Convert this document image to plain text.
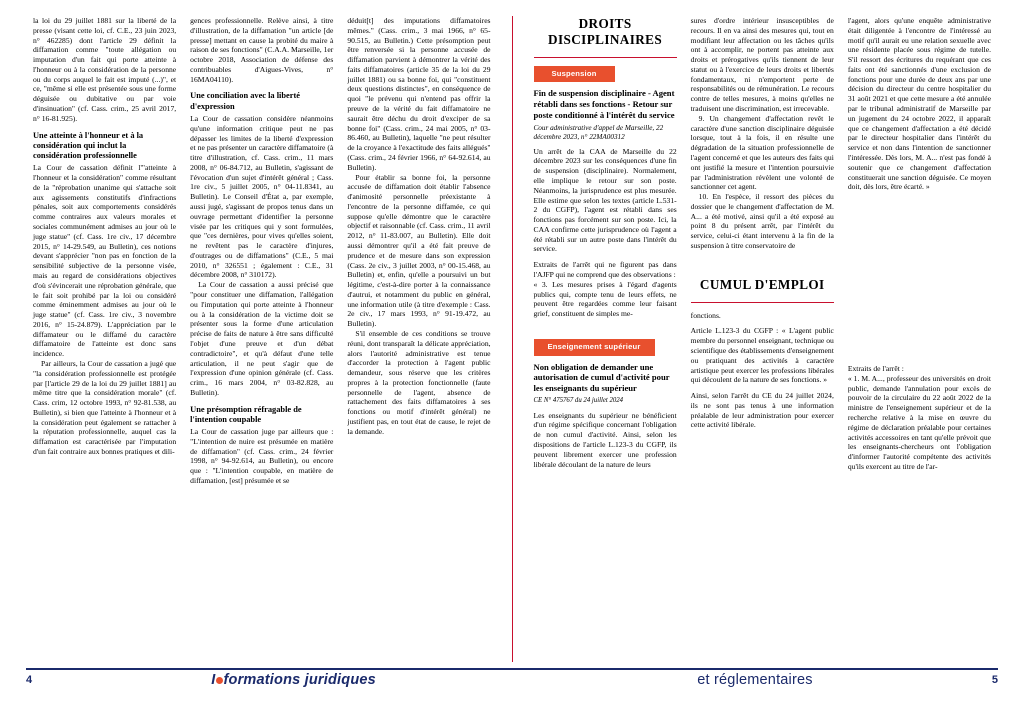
la loi du 29 juillet 1881 sur la liberté de la presse (visant cette loi, cf. C.E., 23 juin 2023, n° 462285) dont l'article 29 définit la diffamation comme "toute allégation ou imputation d'un fait qui porte atteinte à l'honneur ou à la considération de la personne ou du corps auquel le fait est imputé (...)", et ce, "même si elle est présentée sous une forme déguisée ou dubitative ou par voie d'insinuation" (cf. Cass. crim., 25 avril 2017, n° 16-81.925).

Une atteinte à l'honneur et à la considération qui inclut la considération professionnelle

La Cour de cassation définit l'"atteinte à l'honneur et la considération" comme résultant de la "réprobation unanime qui s'attache soit aux agissements constitutifs d'infractions pénales, soit aux comportements considérés comme contraires aux valeurs morales et sociales communément admises au jour où le juge statue" (cf. Cass. 1re civ., 17 décembre 2015, n° 14-29.549, au Bulletin), ces notions devant s'apprécier "non pas en fonction de la sensibilité subjective de la personne visée, mais au regard de considérations objectives d'où s'évincerait une réprobation générale, que le fait soit prohibé par la loi ou considéré comme éminemment admises au jour où le juge statue" (cf. Cass. 1re civ., 3 novembre 2016, n° 15-24.879). L'appréciation par le diffamateur ou le diffamé du caractère diffamatoire de l'atteinte est donc sans incidence.

Par ailleurs, la Cour de cassation a jugé que "la considération professionnelle est protégée par [l'article 29 de la loi du 29 juillet 1881] au même titre que la considération morale" (cf. Cass. crim, 12 octobre 1993, n° 92-81.538, au Bulletin), si bien que l'atteinte à l'honneur et à la considération peut également se rattacher à la réputation professionnelle, auquel cas la diffamation est caractérisée par l'imputation d'un fait contraire aux bonnes pratiques et dili-

gences professionnelle. Relève ainsi, à titre d'illustration, de la diffamation "un article [de presse] mettant en cause la probité du maire à raison de ses fonctions" (C.A.A. Marseille, 1er octobre 2018, Association de défense des contribuables d'Aigues-Vives, n° 16MA04110).

Une conciliation avec la liberté d'expression

La Cour de cassation considère néanmoins qu'une information critique peut ne pas dépasser les limites de la liberté d'expression et ne pas présenter un caractère diffamatoire (à titre d'illustration, cf. Cass. crim., 11 mars 2008, n° 06-84.712, au Bulletin, s'agissant de l'évocation d'un sujet d'intérêt général ; Cass. 1re civ., 5 juillet 2005, n° 04-11.8341, au Bulletin). Le Conseil d'État a, par exemple, aussi jugé, s'agissant de propos tenus dans un ouvrage permettant d'identifier la personne visée par les critiques qui y sont formulées, que "ces dernières, pour vives qu'elles soient, ne revêtent pas le caractère d'injures, d'outrages ou de diffamations" (C.E., 5 mai 2010, n° 326551 ; également : C.E., 31 décembre 2008, n° 310172).

La Cour de cassation a aussi précisé que "pour constituer une diffamation, l'allégation ou l'imputation qui porte atteinte à l'honneur ou à la considération de la victime doit se présenter sous la forme d'une articulation précise de faits de nature à être sans difficulté l'objet d'une preuve et d'un débat contradictoire", et qu'à défaut d'une telle articulation, il ne peut s'agir que de l'expression d'une opinion générale (cf. Cass. crim., 16 mars 2004, n° 03-82.828, au Bulletin).

Une présomption réfragable de l'intention coupable

La Cour de cassation juge par ailleurs que : "L'intention de nuire est présumée en matière de diffamation" (cf. Cass. crim., 24 février 1998, n° 94-92.614, au Bulletin), ou encore que : "L'intention coupable, en matière de diffamation, [est] présumée et se

déduit[t] des imputations diffamatoires mêmes." (Cass. crim., 3 mai 1966, n° 65-90.515, au Bulletin.) Cette présomption peut être renversée si la personne accusée de diffamation parvient à démontrer la vérité des faits diffamatoires (article 35 de la loi du 29 juillet 1881) ou sa bonne foi, qui "constituent deux questions distinctes", en conséquence de quoi "le prévenu qui n'entend pas offrir la preuve de la vérité du fait diffamatoire ne saurait être déchu du droit d'exciper de sa bonne foi" (Cass. crim., 24 mai 2005, n° 03-86.460, au Bulletin), laquelle "ne peut résulter de la croyance à l'exactitude des faits allégués" (Cass. crim., 24 février 1966, n° 64-92.614, au Bulletin).

Pour établir sa bonne foi, la personne accusée de diffamation doit établir l'absence d'animosité personnelle préexistante à l'encontre de la personne diffamée, ce qui suppose qu'elle démontre que le caractère objectif et raisonnable (cf. Cass. crim., 11 avril 2012, n° 11-83.007, au Bulletin). Elle doit aussi démontrer qu'il a été fait preuve de prudence et de mesure dans son expression (Cass. 2e civ., 3 juillet 2003, n° 00-15.468, au Bulletin) et, enfin, qu'elle a poursuivi un but légitime, c'est-à-dire porter à la connaissance d'autrui, et notamment du public en général, une information utile (à titre d'exemple : Cass. 2e civ., 17 mars 1993, n° 91-19.472, au Bulletin).

S'il ensemble de ces conditions se trouve réuni, dont transparaît la délicate appréciation, alors l'autorité administrative est tenue d'accorder la protection à l'agent public demandeur, sous réserve que les critères propres à la protection fonctionnelle (faute personnelle de l'agent, absence de rattachement des faits diffamatoires à ses fonctions ou motif d'intérêt général) ne justifient pas, en tout état de cause, le rejet de la demande.

DROITS DISCIPLINAIRES
Suspension
Fin de suspension disciplinaire - Agent rétabli dans ses fonctions - Retour sur poste conditionné à l'intérêt du service
Cour administrative d'appel de Marseille, 22 décembre 2023, n° 22MA00312

Un arrêt de la CAA de Marseille du 22 décembre 2023 sur les conséquences d'une fin de suspension (disciplinaire). Normalement, elle implique le retour sur son poste. Néanmoins, la jurisprudence est plus mesurée. Elle estime que selon les textes (article L.531-2 du CGFP), l'agent est rétabli dans ses fonctions pas forcément sur son poste. Ici, la CAA confirme cette jurisprudence où l'agent a été rétabli sur un autre poste dans l'intérêt du service.

Extraits de l'arrêt qui ne figurent pas dans l'AJFP qui ne comprend que des observations :

« 3. Les mesures prises à l'égard d'agents publics qui, compte tenu de leurs effets, ne peuvent être regardées comme leur faisant grief, constituent de simples me-

Enseignement supérieur
Non obligation de demander une autorisation de cumul d'activité pour les enseignants du supérieur
CE N° 475767 du 24 juillet 2024

Les enseignants du supérieur ne bénéficient d'un régime spécifique concernant l'obligation de non cumul d'activité. Ainsi, selon les dispositions de l'article L.123-3 du CGFP, ils peuvent librement exercer une profession libérale découlant de la nature de leurs

sures d'ordre intérieur insusceptibles de recours. Il en va ainsi des mesures qui, tout en modifiant leur affectation ou les tâches qu'ils ont à accomplir, ne portent pas atteinte aux droits et prérogatives qu'ils tiennent de leur statut ou à l'exercice de leurs droits et libertés fondamentaux, ni n'emportent perte de responsabilités ou de rémunération. Le recours contre de telles mesures, à moins qu'elles ne traduisent une discrimination, est irrecevable.

9. Un changement d'affectation revêt le caractère d'une sanction disciplinaire déguisée lorsque, tout à la fois, il en résulte une dégradation de la situation professionnelle de l'agent concerné et que les auteurs des faits qui ont justifié la mesure et l'intention poursuivie par l'administration révèlent une volonté de sanctionner cet agent.

10. En l'espèce, il ressort des pièces du dossier que le changement d'affectation de M. A... a été motivé, ainsi qu'il a été exposé au point 8 du présent arrêt, par l'intérêt du service, celui-ci étant intervenu à la fin de la suspension à titre conservatoire de

CUMUL D'EMPLOI

fonctions.

Article L.123-3 du CGFP : « L'agent public membre du personnel enseignant, technique ou scientifique des établissements d'enseignement ou pratiquant des activités à caractère artistique peut exercer les professions libérales qui découlent de la nature de ses fonctions. »

Ainsi, selon l'arrêt du CE du 24 juillet 2024, ils ne sont pas tenus à une information préalable de leur administration pour exercer cette activité libérale.

l'agent, alors qu'une enquête administrative était diligentée à l'encontre de l'intéressé au motif qu'il aurait eu une relation sexuelle avec une résidente placée sous régime de tutelle. S'il ressort des écritures du requérant que ces faits ont été sanctionnés d'une exclusion de fonctions pour une durée de deux ans par une décision du directeur du centre hospitalier du 31 août 2021 et que cette mesure a été annulée par le tribunal administratif de Marseille par un jugement du 24 octobre 2022, il apparaît que ce changement d'affectation a été décidé par le directeur hospitalier dans l'intérêt du service et non dans l'intention de sanctionner l'intéressée. Dès lors, M. A... n'est pas fondé à soutenir que ce changement d'affectation constituerait une sanction déguisée. Ce moyen doit, dès lors, être écarté. »

Extraits de l'arrêt :

« 1. M. A..., professeur des universités en droit public, demande l'annulation pour excès de pouvoir de la circulaire du 22 août 2022 de la ministre de l'enseignement supérieur et de la recherche relative à la mise en œuvre du régime de déclaration préalable pour certaines activités accessoires en tant qu'elle prévoit que les enseignants-chercheurs ont l'obligation d'informer l'autorité compétente des activités qu'ils exercent au titre de l'ar-

4	I formations juridiques	et réglementaires	5
